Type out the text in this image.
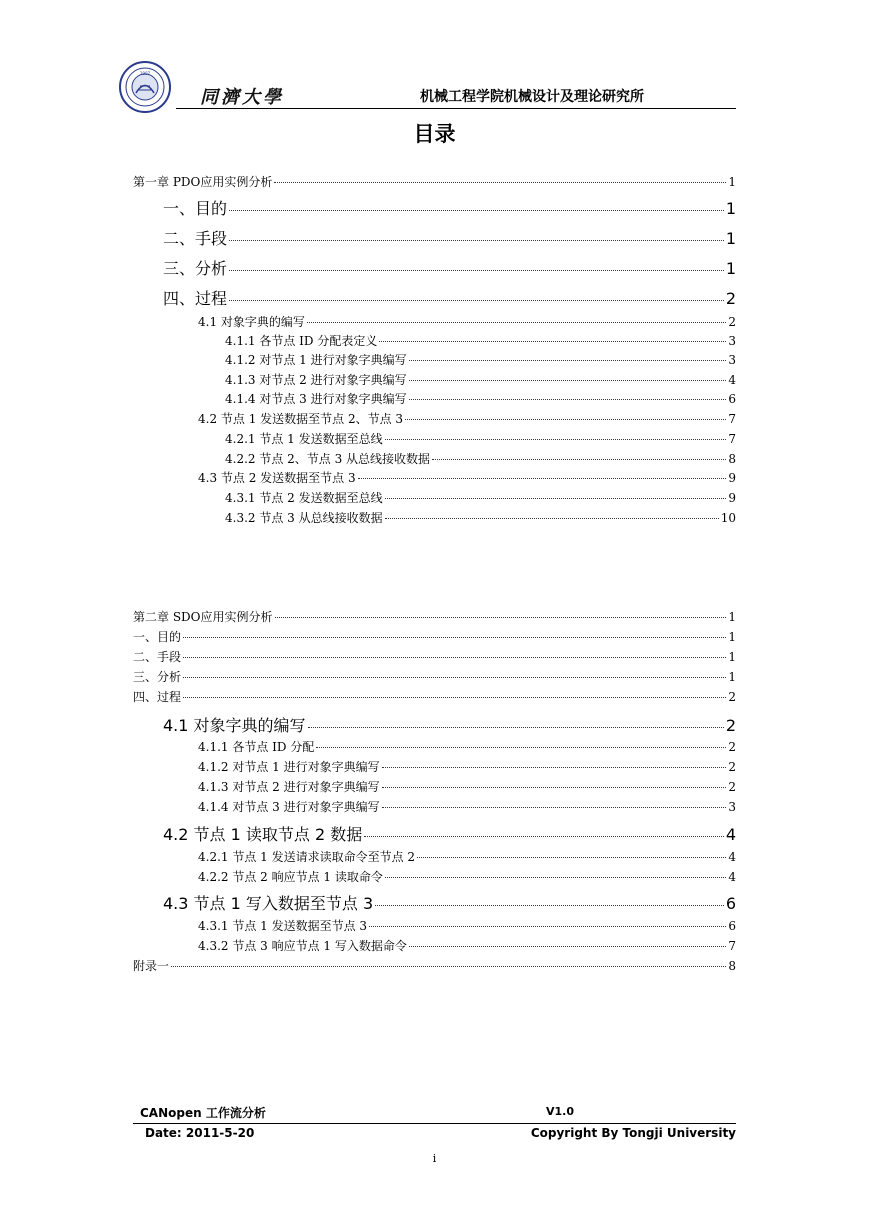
1907
同濟大學	机械工程学院机械设计及理论研究所
目录
第一章 PDO应用实例分析	1
一、目的	1
二、手段	1
三、分析	1
四、过程	2
4.1 对象字典的编写	2
4.1.1 各节点 ID 分配表定义	3
4.1.2 对节点 1 进行对象字典编写	3
4.1.3 对节点 2 进行对象字典编写	4
4.1.4 对节点 3 进行对象字典编写	6
4.2 节点 1 发送数据至节点 2、节点 3	7
4.2.1 节点 1 发送数据至总线	7
4.2.2 节点 2、节点 3 从总线接收数据	8
4.3 节点 2 发送数据至节点 3	9
4.3.1 节点 2 发送数据至总线	9
4.3.2 节点 3 从总线接收数据	10
第二章 SDO应用实例分析	1
一、目的	1
二、手段	1
三、分析	1
四、过程	2
4.1 对象字典的编写	2
4.1.1 各节点 ID 分配	2
4.1.2 对节点 1 进行对象字典编写	2
4.1.3 对节点 2 进行对象字典编写	2
4.1.4 对节点 3 进行对象字典编写	3
4.2 节点 1 读取节点 2 数据	4
4.2.1 节点 1 发送请求读取命令至节点 2	4
4.2.2 节点 2 响应节点 1 读取命令	4
4.3 节点 1 写入数据至节点 3	6
4.3.1 节点 1 发送数据至节点 3	6
4.3.2 节点 3 响应节点 1 写入数据命令	7
附录一	8
CANopen 工作流分析	V1.0
Date: 2011-5-20	Copyright By Tongji University
i
